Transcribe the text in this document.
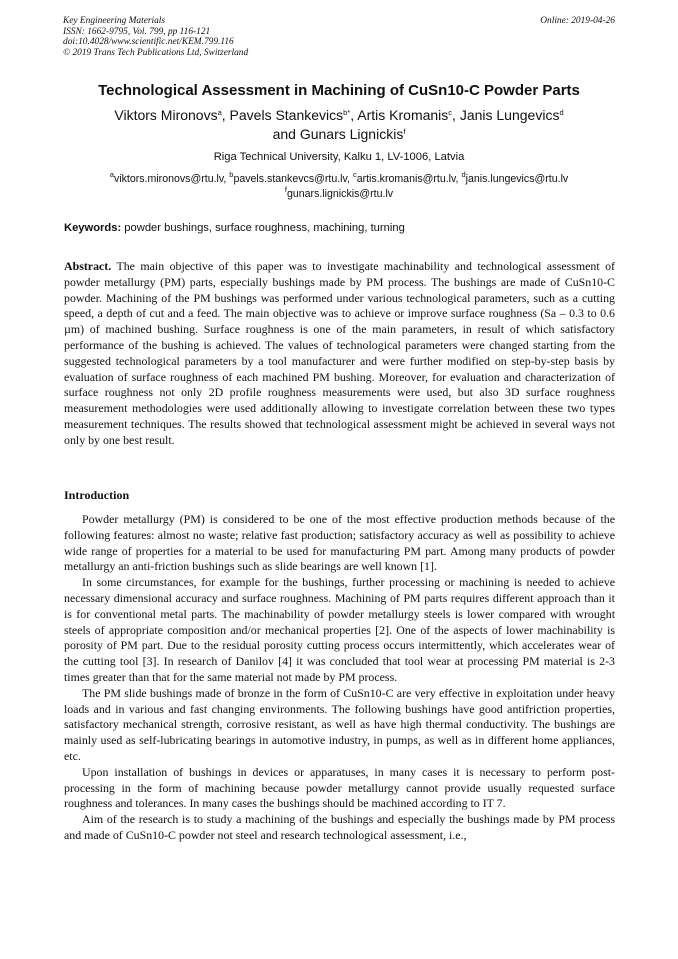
Key Engineering Materials
ISSN: 1662-9795, Vol. 799, pp 116-121
doi:10.4028/www.scientific.net/KEM.799.116
© 2019 Trans Tech Publications Ltd, Switzerland
Online: 2019-04-26
Technological Assessment in Machining of CuSn10-C Powder Parts
Viktors Mironovs$^a$, Pavels Stankevics$^{b*}$, Artis Kromanis$^c$, Janis Lungevics$^d$
and Gunars Lignickis$^f$
Riga Technical University, Kalku 1, LV-1006, Latvia
$^a$viktors.mironovs@rtu.lv, $^b$pavels.stankevcs@rtu.lv, $^c$artis.kromanis@rtu.lv, $^d$janis.lungevics@rtu.lv
$^f$gunars.lignickis@rtu.lv
Keywords: powder bushings, surface roughness, machining, turning

Abstract. The main objective of this paper was to investigate machinability and technological assessment of powder metallurgy (PM) parts, especially bushings made by PM process. The bushings are made of CuSn10-C powder. Machining of the PM bushings was performed under various technological parameters, such as a cutting speed, a depth of cut and a feed. The main objective was to achieve or improve surface roughness (Sa – 0.3 to 0.6 µm) of machined bushing. Surface roughness is one of the main parameters, in result of which satisfactory performance of the bushing is achieved. The values of technological parameters were changed starting from the suggested technological parameters by a tool manufacturer and were further modified on step-by-step basis by evaluation of surface roughness of each machined PM bushing. Moreover, for evaluation and characterization of surface roughness not only 2D profile roughness measurements were used, but also 3D surface roughness measurement methodologies were used additionally allowing to investigate correlation between these two types measurement techniques. The results showed that technological assessment might be achieved in several ways not only by one best result.

Introduction

Powder metallurgy (PM) is considered to be one of the most effective production methods because of the following features: almost no waste; relative fast production; satisfactory accuracy as well as possibility to achieve wide range of properties for a material to be used for manufacturing PM part. Among many products of powder metallurgy an anti-friction bushings such as slide bearings are well known [1].

In some circumstances, for example for the bushings, further processing or machining is needed to achieve necessary dimensional accuracy and surface roughness. Machining of PM parts requires different approach than it is for conventional metal parts. The machinability of powder metallurgy steels is lower compared with wrought steels of appropriate composition and/or mechanical properties [2]. One of the aspects of lower machinability is porosity of PM part. Due to the residual porosity cutting process occurs intermittently, which accelerates wear of the cutting tool [3]. In research of Danilov [4] it was concluded that tool wear at processing PM material is 2-3 times greater than that for the same material not made by PM process.

The PM slide bushings made of bronze in the form of CuSn10-C are very effective in exploitation under heavy loads and in various and fast changing environments. The following bushings have good antifriction properties, satisfactory mechanical strength, corrosive resistant, as well as have high thermal conductivity. The bushings are mainly used as self-lubricating bearings in automotive industry, in pumps, as well as in different home appliances, etc.

Upon installation of bushings in devices or apparatuses, in many cases it is necessary to perform post-processing in the form of machining because powder metallurgy cannot provide usually requested surface roughness and tolerances. In many cases the bushings should be machined according to IT 7.

Aim of the research is to study a machining of the bushings and especially the bushings made by PM process and made of CuSn10-C powder not steel and research technological assessment, i.e.,
